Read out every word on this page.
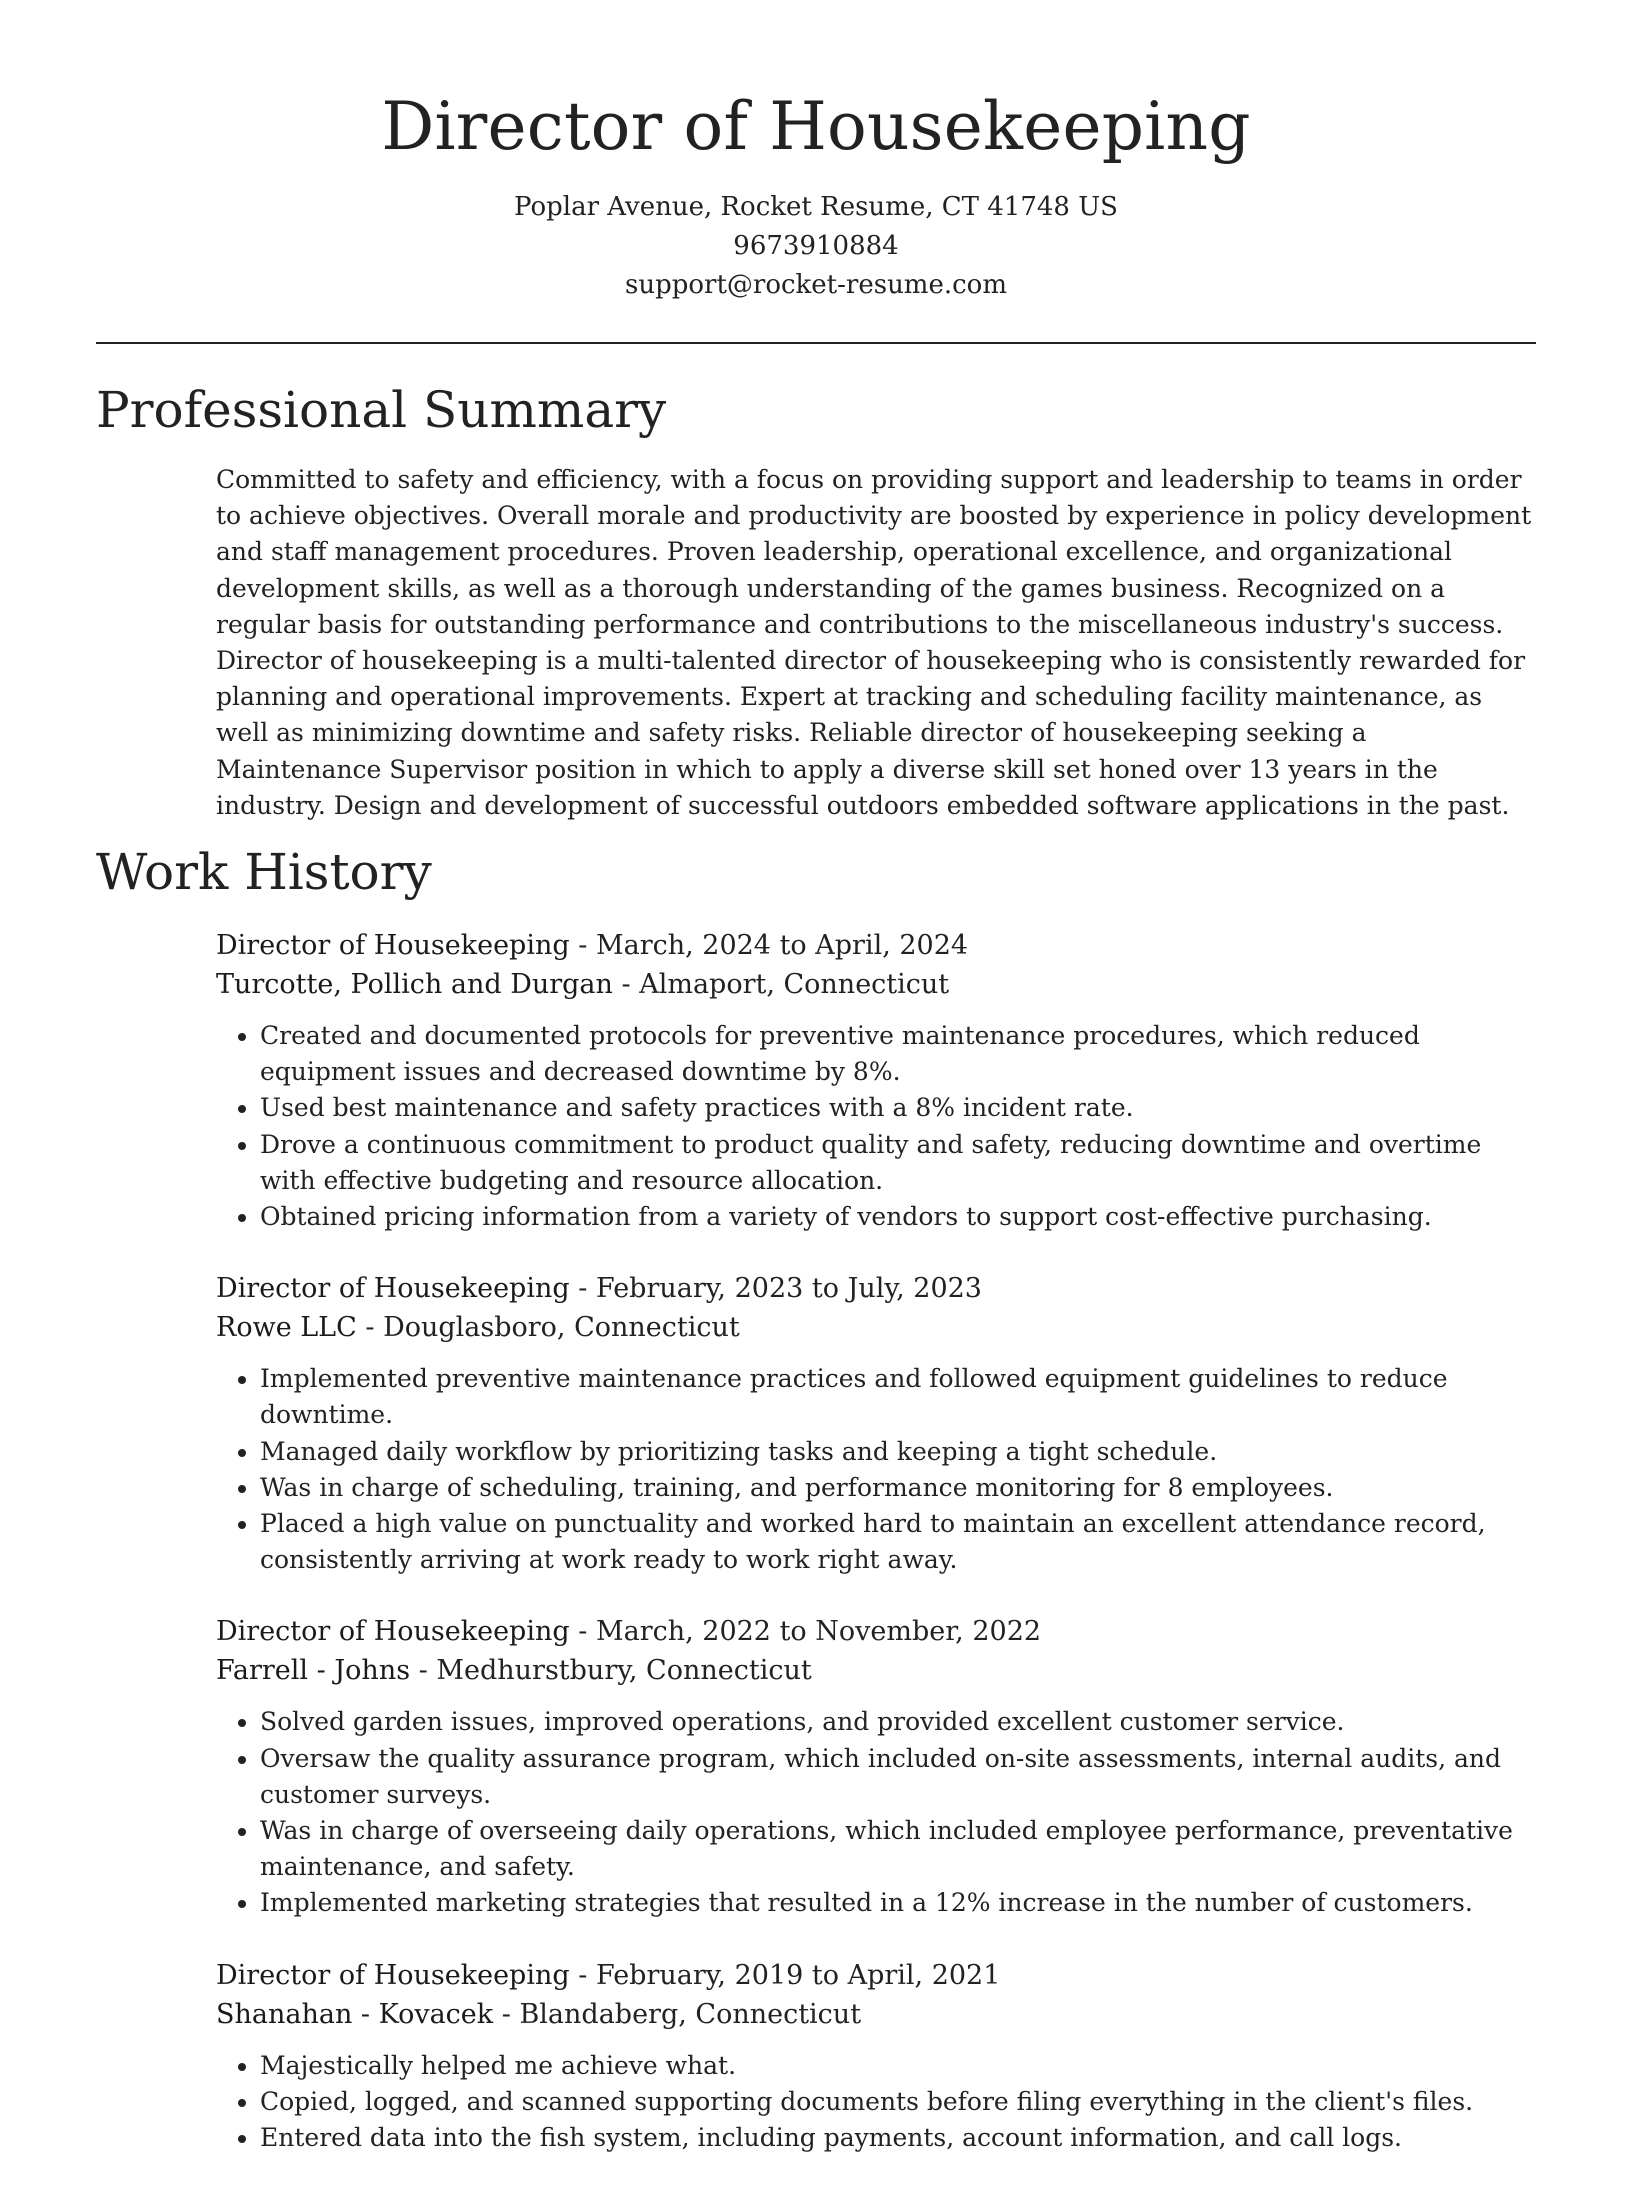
Director of Housekeeping
Poplar Avenue, Rocket Resume, CT 41748 US
9673910884
support@rocket-resume.com
Professional Summary

Committed to safety and efficiency, with a focus on providing support and leadership to teams in order to achieve objectives. Overall morale and productivity are boosted by experience in policy development and staff management procedures. Proven leadership, operational excellence, and organizational development skills, as well as a thorough understanding of the games business. Recognized on a regular basis for outstanding performance and contributions to the miscellaneous industry's success. Director of housekeeping is a multi-talented director of housekeeping who is consistently rewarded for planning and operational improvements. Expert at tracking and scheduling facility maintenance, as well as minimizing downtime and safety risks. Reliable director of housekeeping seeking a Maintenance Supervisor position in which to apply a diverse skill set honed over 13 years in the industry. Design and development of successful outdoors embedded software applications in the past.

Work History

Director of Housekeeping - March, 2024 to April, 2024

Turcotte, Pollich and Durgan - Almaport, Connecticut

• Created and documented protocols for preventive maintenance procedures, which reduced equipment issues and decreased downtime by 8%.
• Used best maintenance and safety practices with a 8% incident rate.
• Drove a continuous commitment to product quality and safety, reducing downtime and overtime with effective budgeting and resource allocation.
• Obtained pricing information from a variety of vendors to support cost-effective purchasing.

Director of Housekeeping - February, 2023 to July, 2023

Rowe LLC - Douglasboro, Connecticut

• Implemented preventive maintenance practices and followed equipment guidelines to reduce downtime.
• Managed daily workflow by prioritizing tasks and keeping a tight schedule.
• Was in charge of scheduling, training, and performance monitoring for 8 employees.
• Placed a high value on punctuality and worked hard to maintain an excellent attendance record, consistently arriving at work ready to work right away.

Director of Housekeeping - March, 2022 to November, 2022

Farrell - Johns - Medhurstbury, Connecticut

• Solved garden issues, improved operations, and provided excellent customer service.
• Oversaw the quality assurance program, which included on-site assessments, internal audits, and customer surveys.
• Was in charge of overseeing daily operations, which included employee performance, preventative maintenance, and safety.
• Implemented marketing strategies that resulted in a 12% increase in the number of customers.

Director of Housekeeping - February, 2019 to April, 2021

Shanahan - Kovacek - Blandaberg, Connecticut

• Majestically helped me achieve what.
• Copied, logged, and scanned supporting documents before filing everything in the client's files.
• Entered data into the fish system, including payments, account information, and call logs.
